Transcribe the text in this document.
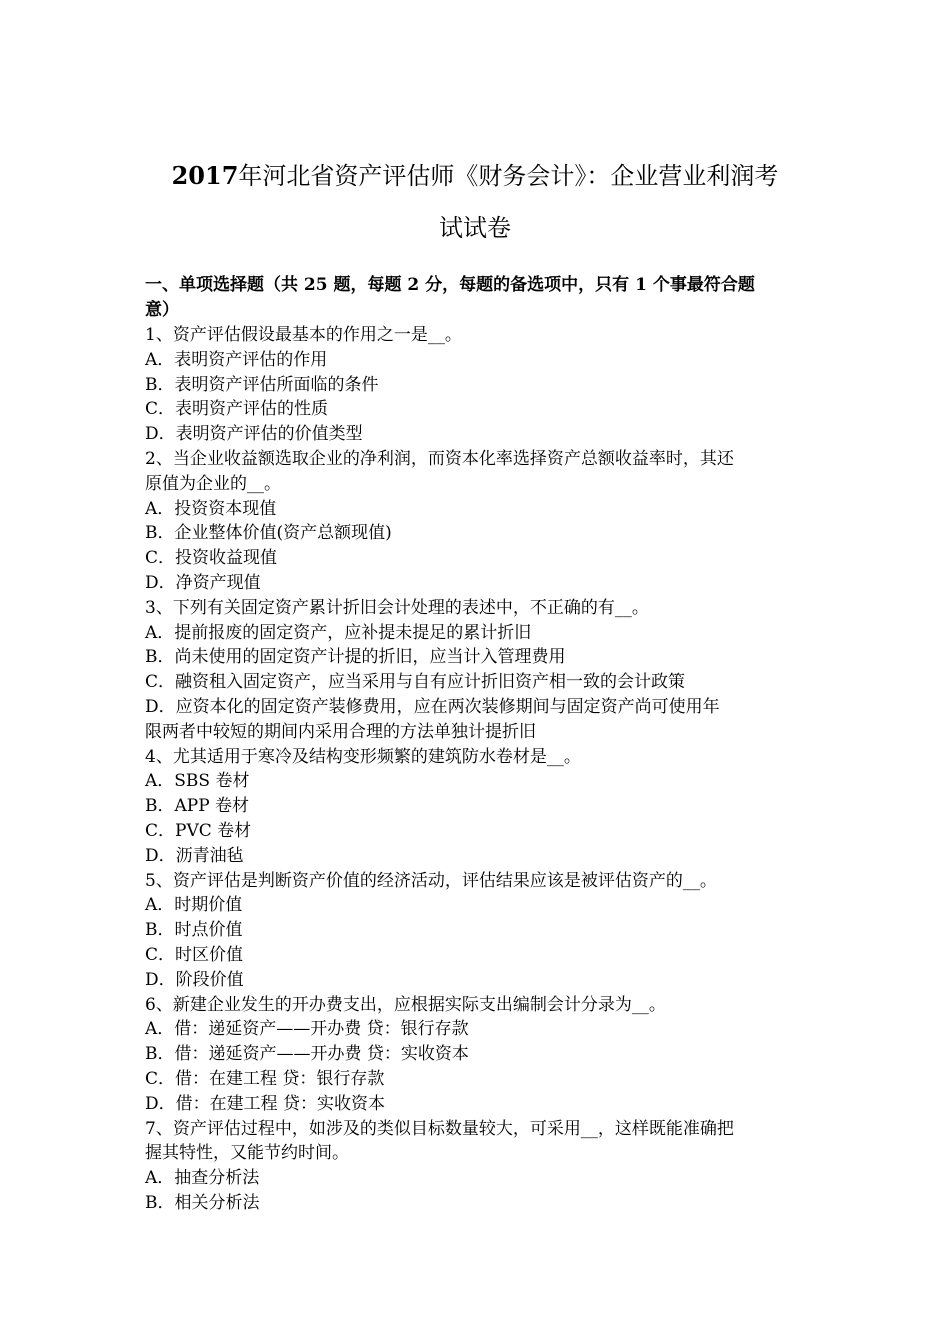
2017年河北省资产评估师《财务会计》：企业营业利润考
试试卷
一、单项选择题（共 25 题，每题 2 分，每题的备选项中，只有 1 个事最符合题
意）
1、资产评估假设最基本的作用之一是__。
A．表明资产评估的作用
B．表明资产评估所面临的条件
C．表明资产评估的性质
D．表明资产评估的价值类型
2、当企业收益额选取企业的净利润，而资本化率选择资产总额收益率时，其还
原值为企业的__。
A．投资资本现值
B．企业整体价值(资产总额现值)
C．投资收益现值
D．净资产现值
3、下列有关固定资产累计折旧会计处理的表述中，不正确的有__。
A．提前报废的固定资产，应补提未提足的累计折旧
B．尚未使用的固定资产计提的折旧，应当计入管理费用
C．融资租入固定资产，应当采用与自有应计折旧资产相一致的会计政策
D．应资本化的固定资产装修费用，应在两次装修期间与固定资产尚可使用年
限两者中较短的期间内采用合理的方法单独计提折旧
4、尤其适用于寒冷及结构变形频繁的建筑防水卷材是__。
A．SBS 卷材
B．APP 卷材
C．PVC 卷材
D．沥青油毡
5、资产评估是判断资产价值的经济活动，评估结果应该是被评估资产的__。
A．时期价值
B．时点价值
C．时区价值
D．阶段价值
6、新建企业发生的开办费支出，应根据实际支出编制会计分录为__。
A．借：递延资产——开办费 贷：银行存款
B．借：递延资产——开办费 贷：实收资本
C．借：在建工程 贷：银行存款
D．借：在建工程 贷：实收资本
7、资产评估过程中，如涉及的类似目标数量较大，可采用__，这样既能准确把
握其特性，又能节约时间。
A．抽查分析法
B．相关分析法
